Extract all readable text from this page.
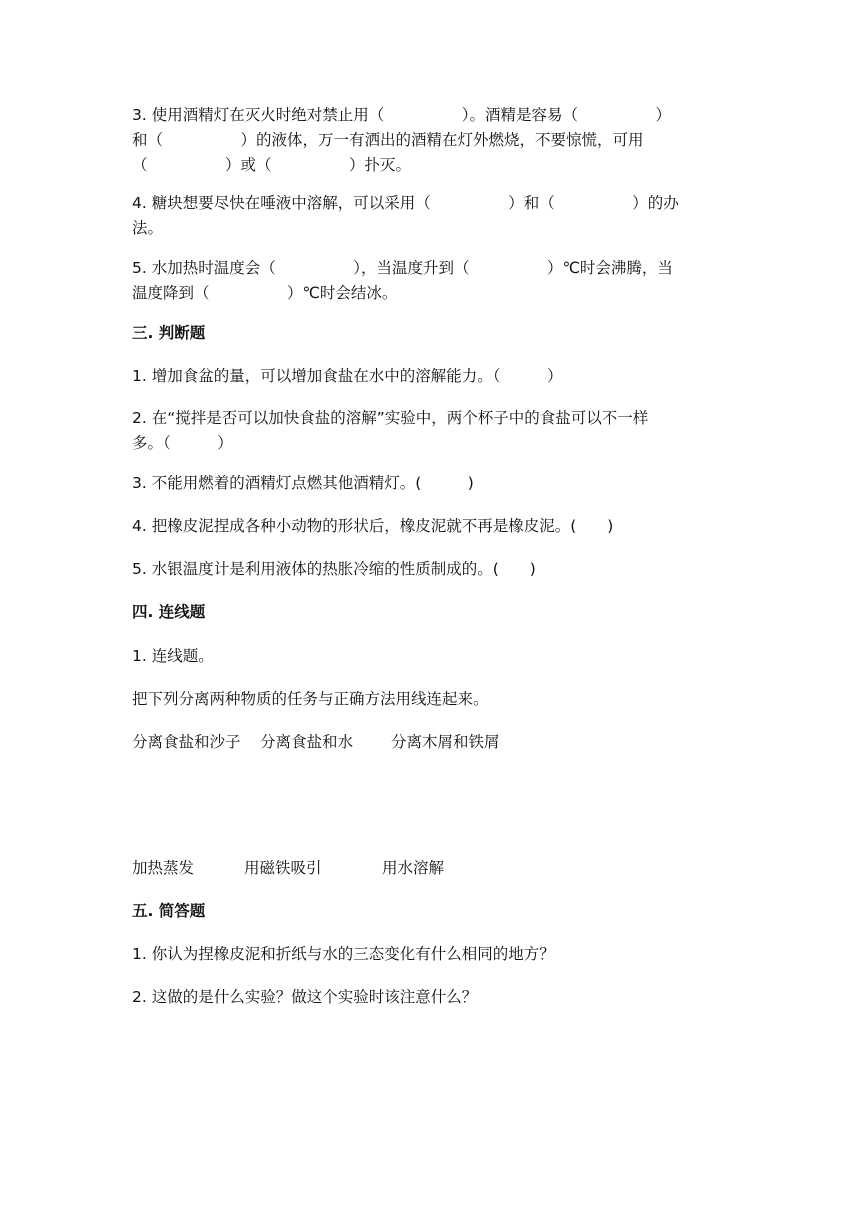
3. 使用酒精灯在灭火时绝对禁止用（　　　　　）。酒精是容易（　　　　　）
和（　　　　　）的液体，万一有洒出的酒精在灯外燃烧，不要惊慌，可用
（　　　　　）或（　　　　　）扑灭。
4. 糖块想要尽快在唾液中溶解，可以采用（　　　　　）和（　　　　　）的办
法。
5. 水加热时温度会（　　　　　），当温度升到（　　　　　）℃时会沸腾，当
温度降到（　　　　　）℃时会结冰。
三. 判断题
1. 增加食盆的量，可以增加食盐在水中的溶解能力。（　　　）
2. 在“搅拌是否可以加快食盐的溶解”实验中，两个杯子中的食盐可以不一样
多。（　　　）
3. 不能用燃着的酒精灯点燃其他酒精灯。(　　　)
4. 把橡皮泥捏成各种小动物的形状后，橡皮泥就不再是橡皮泥。(　　)
5. 水银温度计是利用液体的热胀冷缩的性质制成的。(　　)
四. 连线题
1. 连线题。
把下列分离两种物质的任务与正确方法用线连起来。
分离食盐和沙子 分离食盐和水 分离木屑和铁屑
加热蒸发	用磁铁吸引	用水溶解
五. 简答题
1. 你认为捏橡皮泥和折纸与水的三态变化有什么相同的地方？
2. 这做的是什么实验？做这个实验时该注意什么？
